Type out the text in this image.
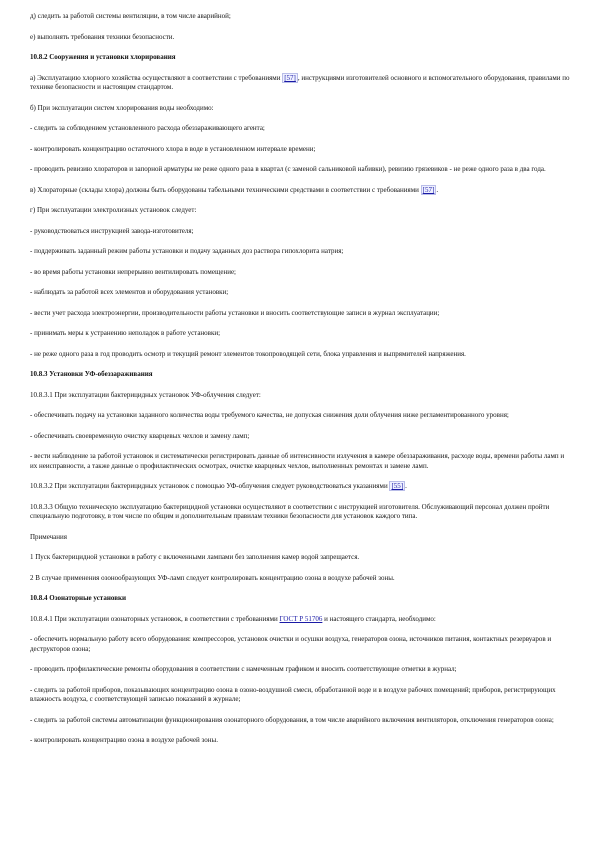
д) следить за работой системы вентиляции, в том числе аварийной;
е) выполнять требования техники безопасности.
10.8.2 Сооружения и установки хлорирования
а) Эксплуатацию хлорного хозяйства осуществляют в соответствии с требованиями [57] , инструкциями изготовителей основного и вспомогательного оборудования, правилами по технике безопасности и настоящим стандартом.
б) При эксплуатации систем хлорирования воды необходимо:
- следить за соблюдением установленного расхода обеззараживающего агента;
- контролировать концентрацию остаточного хлора в воде в установленном интервале времени;
- проводить ревизию хлораторов и запорной арматуры не реже одного раза в квартал (с заменой сальниковой набивки), ревизию грязевиков - не реже одного раза в два года.
в) Хлораторные (склады хлора) должны быть оборудованы табельными техническими средствами в соответствии с требованиями [57] .
г) При эксплуатации электролизных установок следует:
- руководствоваться инструкцией завода-изготовителя;
- поддерживать заданный режим работы установки и подачу заданных доз раствора гипохлорита натрия;
- во время работы установки непрерывно вентилировать помещение;
- наблюдать за работой всех элементов и оборудования установки;
- вести учет расхода электроэнергии, производительности работы установки и вносить соответствующие записи в журнал эксплуатации;
- принимать меры к устранению неполадок в работе установки;
- не реже одного раза в год проводить осмотр и текущий ремонт элементов токопроводящей сети, блока управления и выпрямителей напряжения.
10.8.3 Установки УФ-обеззараживания
10.8.3.1 При эксплуатации бактерицидных установок УФ-облучения следует:
- обеспечивать подачу на установки заданного количества воды требуемого качества, не допуская снижения доли облучения ниже регламентированного уровня;
- обеспечивать своевременную очистку кварцевых чехлов и замену ламп;
- вести наблюдение за работой установок и систематически регистрировать данные об интенсивности излучения в камере обеззараживания, расходе воды, времени работы ламп и их неисправности, а также данные о профилактических осмотрах, очистке кварцевых чехлов, выполненных ремонтах и замене ламп.
10.8.3.2 При эксплуатации бактерицидных установок с помощью УФ-облучения следует руководствоваться указаниями [55] .
10.8.3.3 Общую техническую эксплуатацию бактерицидной установки осуществляют в соответствии с инструкцией изготовителя. Обслуживающий персонал должен пройти специальную подготовку, в том числе по общим и дополнительным правилам техники безопасности для установок каждого типа.
Примечания
1 Пуск бактерицидной установки в работу с включенными лампами без заполнения камер водой запрещается.
2 В случае применения озонообразующих УФ-ламп следует контролировать концентрацию озона в воздухе рабочей зоны.
10.8.4 Озонаторные установки
10.8.4.1 При эксплуатации озонаторных установок, в соответствии с требованиями ГОСТ Р 51706 и настоящего стандарта, необходимо:
- обеспечить нормальную работу всего оборудования: компрессоров, установок очистки и осушки воздуха, генераторов озона, источников питания, контактных резервуаров и деструкторов озона;
- проводить профилактические ремонты оборудования в соответствии с намеченным графиком и вносить соответствующие отметки в журнал;
- следить за работой приборов, показывающих концентрацию озона в озоно-воздушной смеси, обработанной воде и в воздухе рабочих помещений; приборов, регистрирующих влажность воздуха, с соответствующей записью показаний в журнале;
- следить за работой системы автоматизации функционирования озонаторного оборудования, в том числе аварийного включения вентиляторов, отключения генераторов озона;
- контролировать концентрацию озона в воздухе рабочей зоны.
